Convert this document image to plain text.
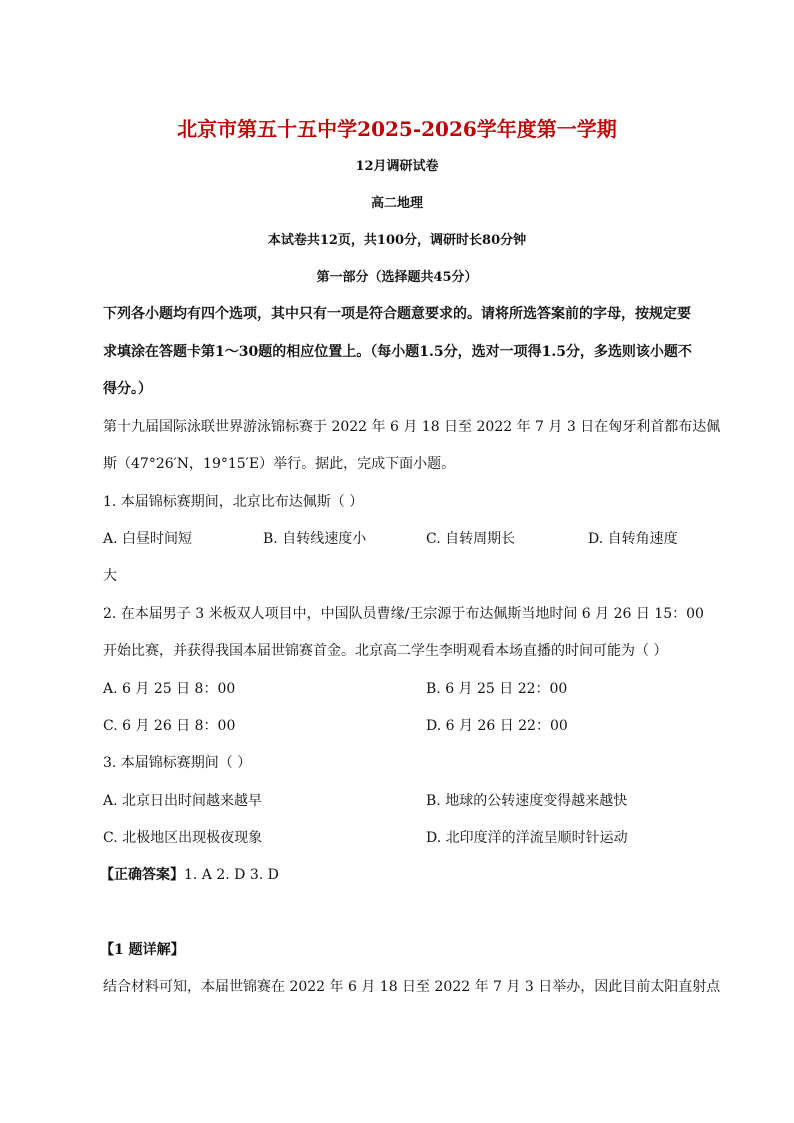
北京市第五十五中学2025-2026学年度第一学期
12月调研试卷
高二地理
本试卷共12页，共100分，调研时长80分钟
第一部分（选择题共45分）
下列各小题均有四个选项，其中只有一项是符合题意要求的。请将所选答案前的字母，按规定要
求填涂在答题卡第1～30题的相应位置上。（每小题1.5分，选对一项得1.5分，多选则该小题不
得分。）
第十九届国际泳联世界游泳锦标赛于 2022 年 6 月 18 日至 2022 年 7 月 3 日在匈牙利首都布达佩
斯（47°26′N，19°15′E）举行。据此，完成下面小题。
1. 本届锦标赛期间，北京比布达佩斯（ ）
A. 白昼时间短	B. 自转线速度小	C. 自转周期长	D. 自转角速度
大
2. 在本届男子 3 米板双人项目中，中国队员曹缘/王宗源于布达佩斯当地时间 6 月 26 日 15：00
开始比赛，并获得我国本届世锦赛首金。北京高二学生李明观看本场直播的时间可能为（ ）
A. 6 月 25 日 8：00	B. 6 月 25 日 22：00
C. 6 月 26 日 8：00	D. 6 月 26 日 22：00
3. 本届锦标赛期间（ ）
A. 北京日出时间越来越早	B. 地球的公转速度变得越来越快
C. 北极地区出现极夜现象	D. 北印度洋的洋流呈顺时针运动
【正确答案】1. A 2. D 3. D
【1 题详解】
结合材料可知，本届世锦赛在 2022 年 6 月 18 日至 2022 年 7 月 3 日举办，因此目前太阳直射点
